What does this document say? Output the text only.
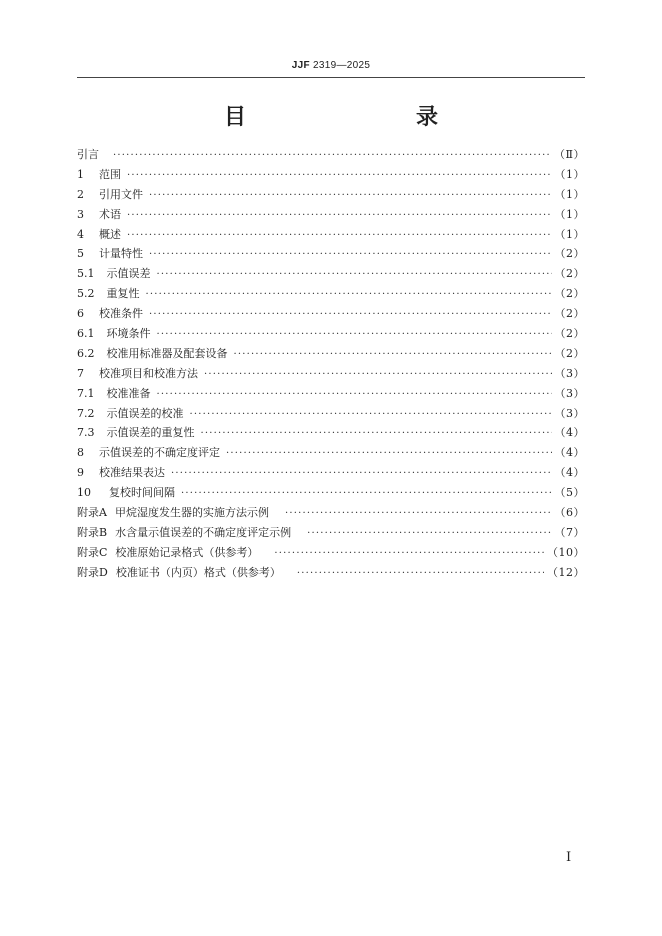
JJF 2319—2025
目　　录
引言 ·····	（Ⅱ）
1 范围 ·····	（1）
2 引用文件 ·····	（1）
3 术语 ·····	（1）
4 概述 ·····	（1）
5 计量特性 ·····	（2）
5.1 示值误差 ·····	（2）
5.2 重复性 ·····	（2）
6 校准条件 ·····	（2）
6.1 环境条件 ·····	（2）
6.2 校准用标准器及配套设备 ·····	（2）
7 校准项目和校准方法 ·····	（3）
7.1 校准准备 ·····	（3）
7.2 示值误差的校准 ·····	（3）
7.3 示值误差的重复性 ·····	（4）
8 示值误差的不确定度评定 ·····	（4）
9 校准结果表达 ·····	（4）
10 复校时间间隔 ·····	（5）
附录A 甲烷湿度发生器的实施方法示例 ·····	（6）
附录B 水含量示值误差的不确定度评定示例 ·····	（7）
附录C 校准原始记录格式（供参考） ·····	（10）
附录D 校准证书（内页）格式（供参考） ·····	（12）
Ⅰ
